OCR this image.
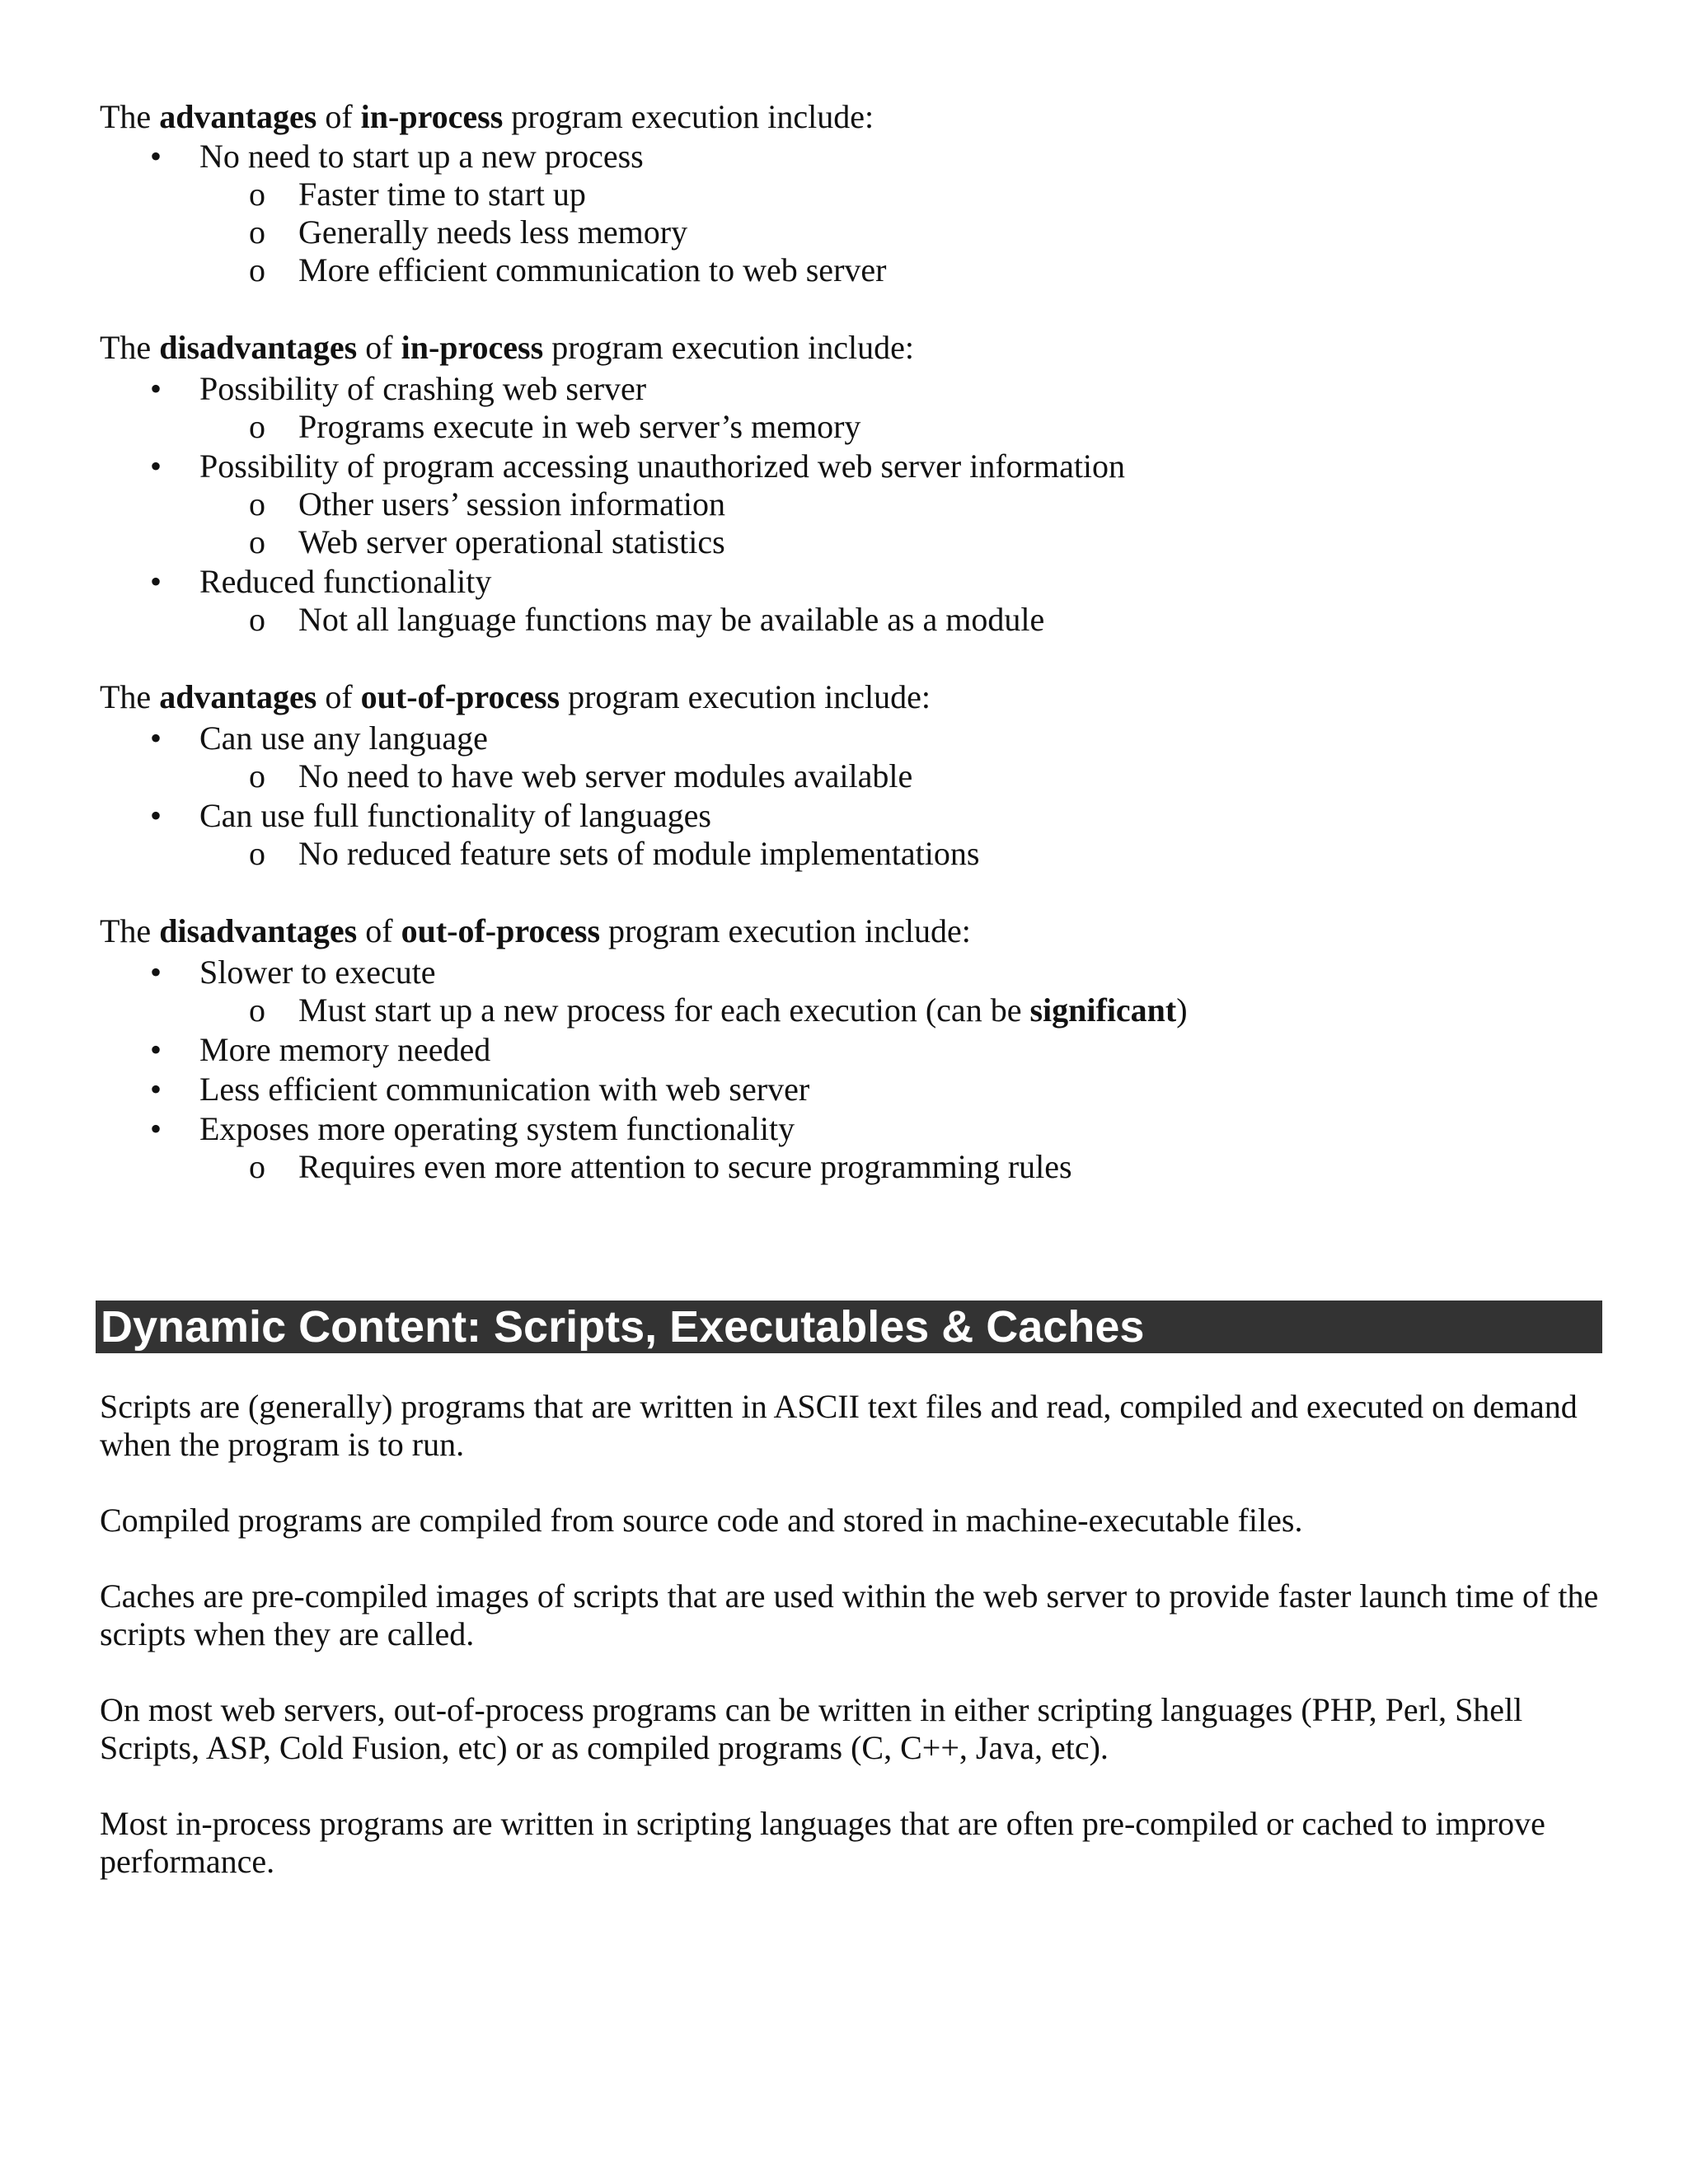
The advantages of in-process program execution include:
• No need to start up a new process
o Faster time to start up
o Generally needs less memory
o More efficient communication to web server
The disadvantages of in-process program execution include:
• Possibility of crashing web server
o Programs execute in web server’s memory
• Possibility of program accessing unauthorized web server information
o Other users’ session information
o Web server operational statistics
• Reduced functionality
o Not all language functions may be available as a module
The advantages of out-of-process program execution include:
• Can use any language
o No need to have web server modules available
• Can use full functionality of languages
o No reduced feature sets of module implementations
The disadvantages of out-of-process program execution include:
• Slower to execute
o Must start up a new process for each execution (can be significant)
• More memory needed
• Less efficient communication with web server
• Exposes more operating system functionality
o Requires even more attention to secure programming rules
Dynamic Content: Scripts, Executables & Caches
Scripts are (generally) programs that are written in ASCII text files and read, compiled and executed on demand when the program is to run.
Compiled programs are compiled from source code and stored in machine-executable files.
Caches are pre-compiled images of scripts that are used within the web server to provide faster launch time of the scripts when they are called.
On most web servers, out-of-process programs can be written in either scripting languages (PHP, Perl, Shell Scripts, ASP, Cold Fusion, etc) or as compiled programs (C, C++, Java, etc).
Most in-process programs are written in scripting languages that are often pre-compiled or cached to improve performance.
